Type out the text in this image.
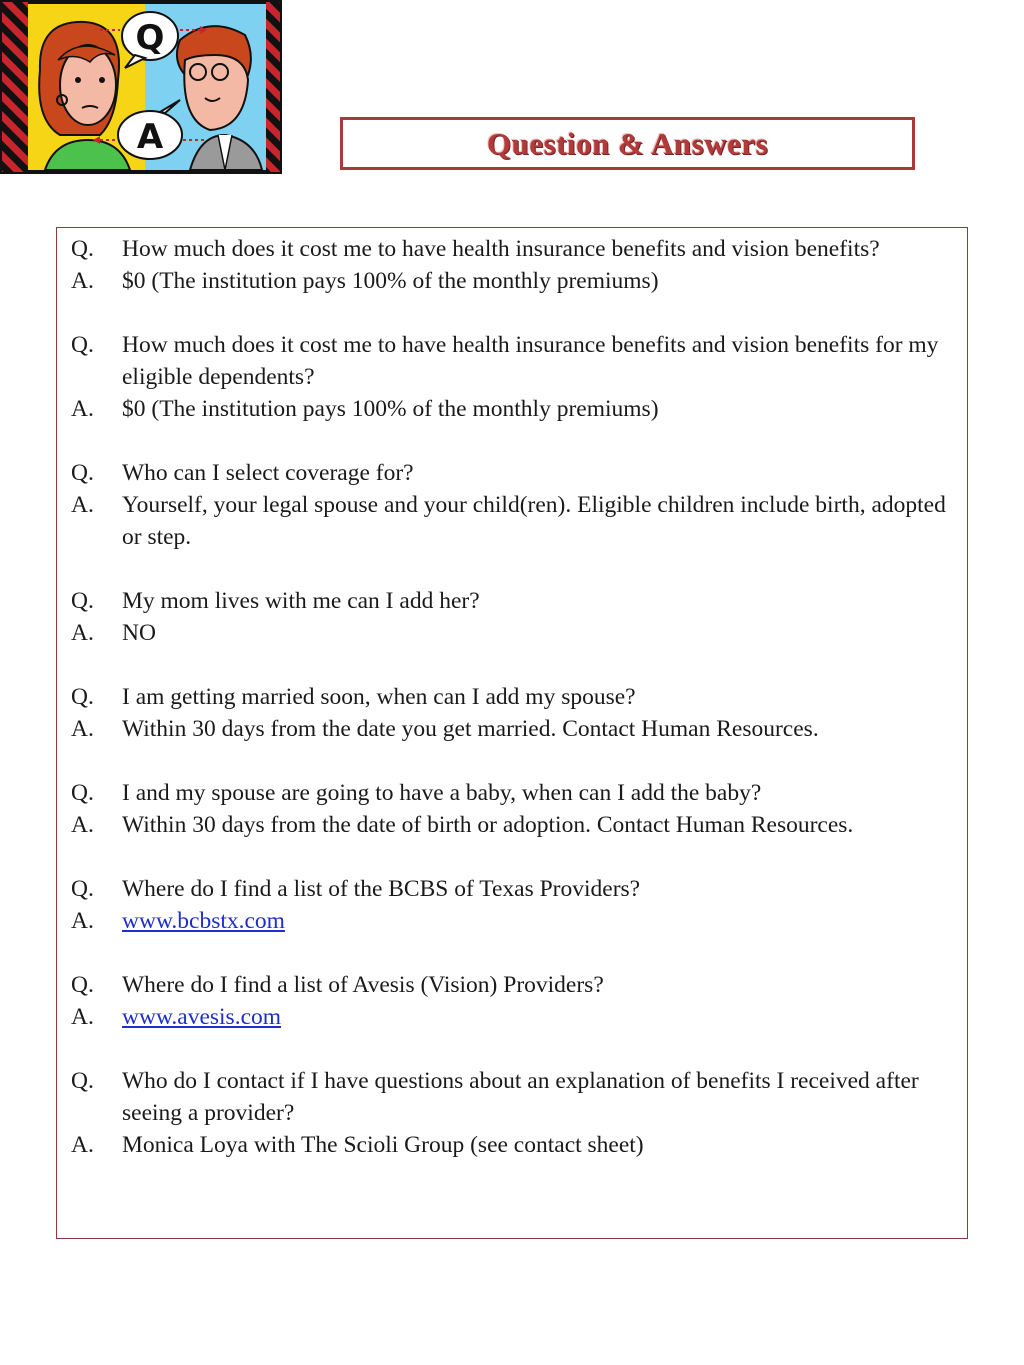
Q
A	Question & Answers
Q.	How much does it cost me to have health insurance benefits and vision benefits?
A.	$0 (The institution pays 100% of the monthly premiums)
Q.	How much does it cost me to have health insurance benefits and vision benefits for my eligible dependents?
A.	$0 (The institution pays 100% of the monthly premiums)
Q.	Who can I select coverage for?
A.	Yourself, your legal spouse and your child(ren). Eligible children include birth, adopted or step.
Q.	My mom lives with me can I add her?
A.	NO
Q.	I am getting married soon, when can I add my spouse?
A.	Within 30 days from the date you get married. Contact Human Resources.
Q.	I and my spouse are going to have a baby, when can I add the baby?
A.	Within 30 days from the date of birth or adoption. Contact Human Resources.
Q.	Where do I find a list of the BCBS of Texas Providers?
A.	www.bcbstx.com
Q.	Where do I find a list of Avesis (Vision) Providers?
A.	www.avesis.com
Q.	Who do I contact if I have questions about an explanation of benefits I received after seeing a provider?
A.	Monica Loya with The Scioli Group (see contact sheet)
